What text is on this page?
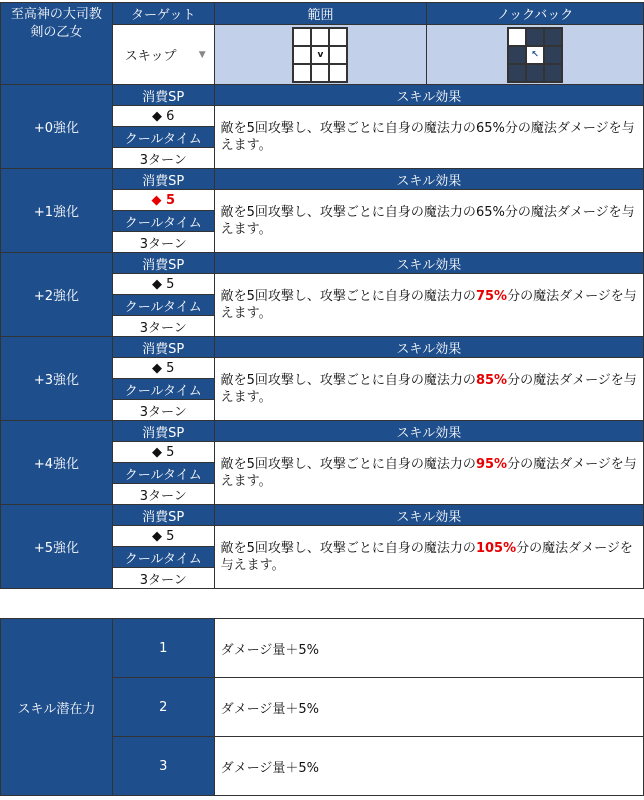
至高神の大司教
剣の乙女	ターゲット	範囲	ノックバック

	スキップ ▼	v	↖

+0強化	消費SP	スキル効果	
	◆ 6	敵を5回攻撃し、攻撃ごとに自身の魔法力の65%分の魔法ダメージを与えます。	
	クールタイム		
	3ターン		
+1強化	消費SP	スキル効果	
	◆ 5	敵を5回攻撃し、攻撃ごとに自身の魔法力の65%分の魔法ダメージを与えます。	
	クールタイム		
	3ターン		
+2強化	消費SP	スキル効果	
	◆ 5	敵を5回攻撃し、攻撃ごとに自身の魔法力の75%分の魔法ダメージを与えます。	
	クールタイム		
	3ターン		
+3強化	消費SP	スキル効果	
	◆ 5	敵を5回攻撃し、攻撃ごとに自身の魔法力の85%分の魔法ダメージを与えます。	
	クールタイム		
	3ターン		
+4強化	消費SP	スキル効果	
	◆ 5	敵を5回攻撃し、攻撃ごとに自身の魔法力の95%分の魔法ダメージを与えます。	
	クールタイム		
	3ターン		
+5強化	消費SP	スキル効果	
	◆ 5	敵を5回攻撃し、攻撃ごとに自身の魔法力の105%分の魔法ダメージを与えます。	
	クールタイム		
	3ターン		
スキル潜在力	1	ダメージ量＋5%
	2	ダメージ量＋5%
	3	ダメージ量＋5%
